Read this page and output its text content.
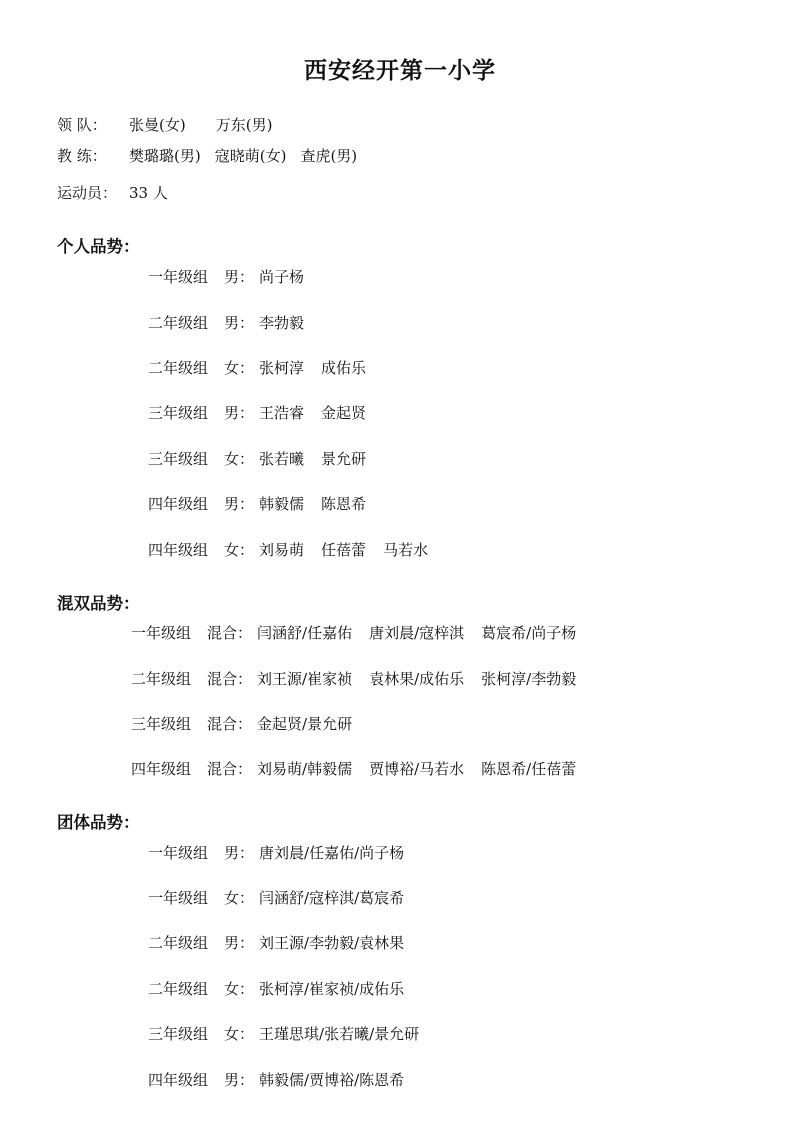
西安经开第一小学
领 队： 张曼(女) 万东(男)
教 练： 樊璐璐(男) 寇晓萌(女) 查虎(男)
运动员： 33 人
个人品势：
一年级组 男： 尚子杨
二年级组 男： 李勃毅
二年级组 女： 张柯淳 成佑乐
三年级组 男： 王浩睿 金起贤
三年级组 女： 张若曦 景允研
四年级组 男： 韩毅儒 陈恩希
四年级组 女： 刘易萌 任蓓蕾 马若水
混双品势：
一年级组 混合： 闫涵舒/任嘉佑 唐刘晨/寇梓淇 葛宸希/尚子杨
二年级组 混合： 刘王源/崔家祯 袁林果/成佑乐 张柯淳/李勃毅
三年级组 混合： 金起贤/景允研
四年级组 混合： 刘易萌/韩毅儒 贾博裕/马若水 陈恩希/任蓓蕾
团体品势：
一年级组 男： 唐刘晨/任嘉佑/尚子杨
一年级组 女： 闫涵舒/寇梓淇/葛宸希
二年级组 男： 刘王源/李勃毅/袁林果
二年级组 女： 张柯淳/崔家祯/成佑乐
三年级组 女： 王瑾思琪/张若曦/景允研
四年级组 男： 韩毅儒/贾博裕/陈恩希
